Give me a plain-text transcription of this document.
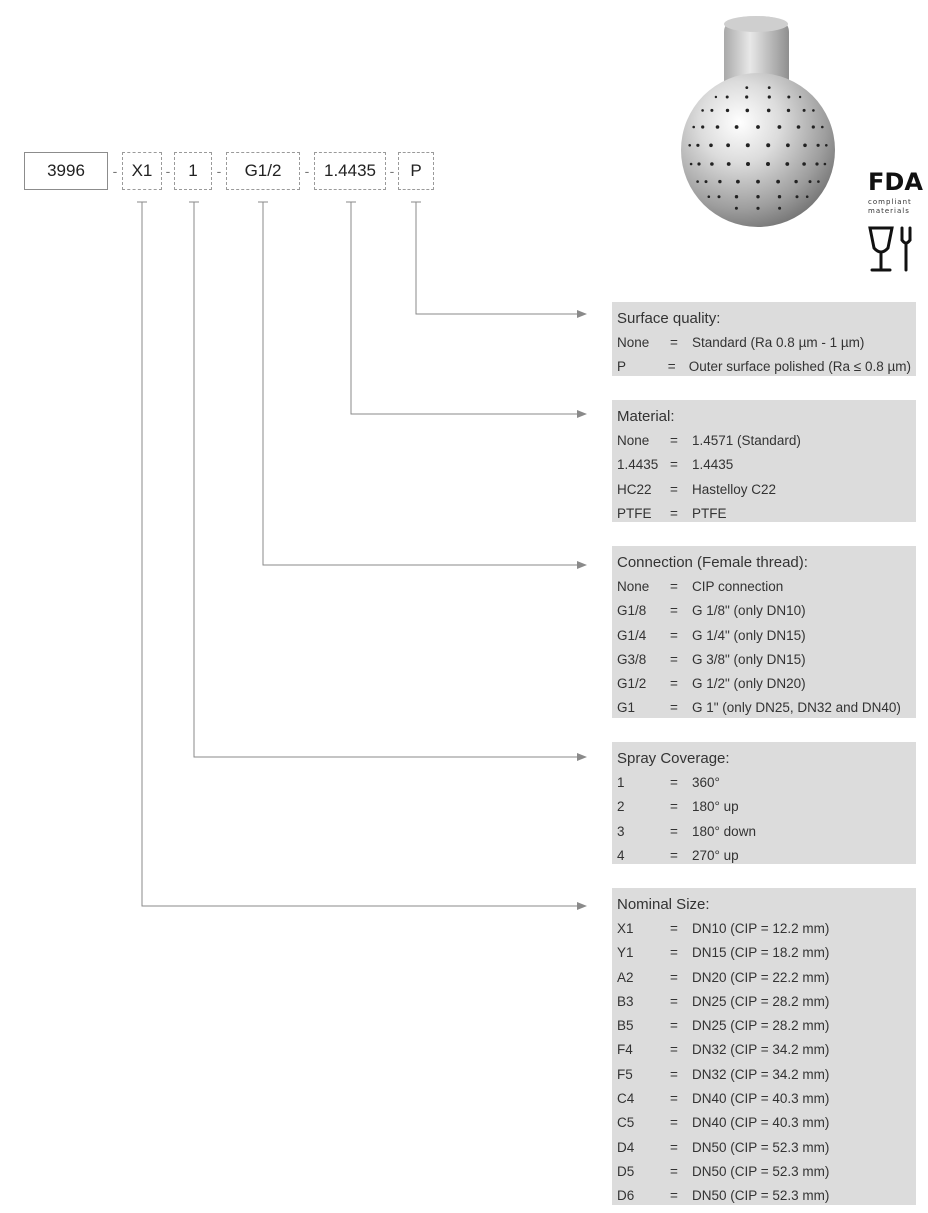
3996	- X1 -	1	-	G1/2	- 1.4435 - P	FDA
compliant materials
Surface quality:
None	=	Standard (Ra 0.8 µm - 1 µm)
P	= Outer surface polished (Ra ≤ 0.8 µm)
Material:
None	=	1.4571 (Standard)
1.4435 =	1.4435
HC22	=	Hastelloy C22
PTFE	=	PTFE
Connection (Female thread):
None	=	CIP connection
G1/8	=	G 1/8" (only DN10)
G1/4	=	G 1/4" (only DN15)
G3/8	=	G 3/8" (only DN15)
G1/2	=	G 1/2" (only DN20)
G1	=	G 1" (only DN25, DN32 and DN40)
Spray Coverage:
1	=	360°
2	=	180° up
3	=	180° down
4	=	270° up
Nominal Size:
X1	=	DN10 (CIP = 12.2 mm)
Y1	=	DN15 (CIP = 18.2 mm)
A2	=	DN20 (CIP = 22.2 mm)
B3	=	DN25 (CIP = 28.2 mm)
B5	=	DN25 (CIP = 28.2 mm)
F4	=	DN32 (CIP = 34.2 mm)
F5	=	DN32 (CIP = 34.2 mm)
C4	=	DN40 (CIP = 40.3 mm)
C5	=	DN40 (CIP = 40.3 mm)
D4	=	DN50 (CIP = 52.3 mm)
D5	=	DN50 (CIP = 52.3 mm)
D6	=	DN50 (CIP = 52.3 mm)
